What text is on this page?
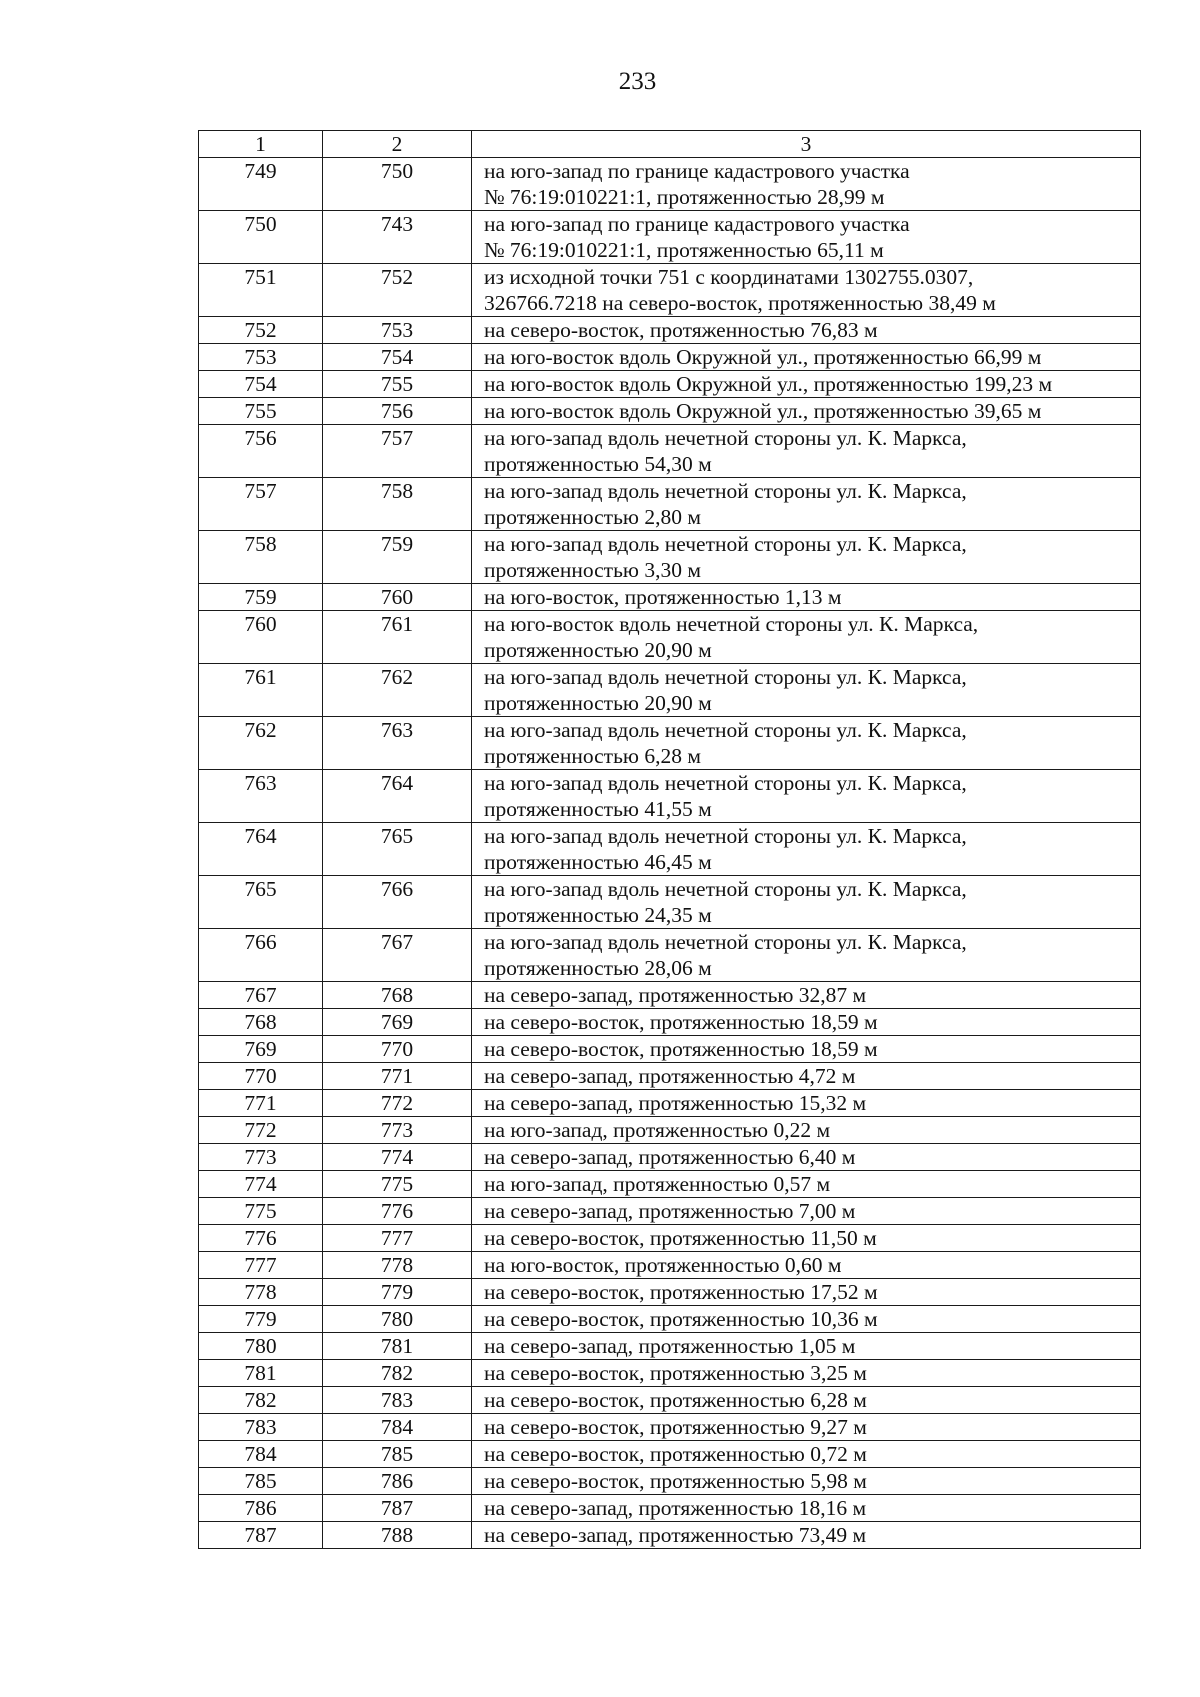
233
1	2	3
749	750	на юго-запад по границе кадастрового участка
№ 76:19:010221:1, протяженностью 28,99 м

750	743	на юго-запад по границе кадастрового участка
№ 76:19:010221:1, протяженностью 65,11 м

751	752	из исходной точки 751 с координатами 1302755.0307,
326766.7218 на северо-восток, протяженностью 38,49 м

752	753	на северо-восток, протяженностью 76,83 м

753	754	на юго-восток вдоль Окружной ул., протяженностью 66,99 м

754	755	на юго-восток вдоль Окружной ул., протяженностью 199,23 м

755	756	на юго-восток вдоль Окружной ул., протяженностью 39,65 м

756	757	на юго-запад вдоль нечетной стороны ул. К. Маркса,
протяженностью 54,30 м

757	758	на юго-запад вдоль нечетной стороны ул. К. Маркса,
протяженностью 2,80 м

758	759	на юго-запад вдоль нечетной стороны ул. К. Маркса,
протяженностью 3,30 м

759	760	на юго-восток, протяженностью 1,13 м

760	761	на юго-восток вдоль нечетной стороны ул. К. Маркса,
протяженностью 20,90 м

761	762	на юго-запад вдоль нечетной стороны ул. К. Маркса,
протяженностью 20,90 м

762	763	на юго-запад вдоль нечетной стороны ул. К. Маркса,
протяженностью 6,28 м

763	764	на юго-запад вдоль нечетной стороны ул. К. Маркса,
протяженностью 41,55 м

764	765	на юго-запад вдоль нечетной стороны ул. К. Маркса,
протяженностью 46,45 м

765	766	на юго-запад вдоль нечетной стороны ул. К. Маркса,
протяженностью 24,35 м

766	767	на юго-запад вдоль нечетной стороны ул. К. Маркса,
протяженностью 28,06 м

767	768	на северо-запад, протяженностью 32,87 м

768	769	на северо-восток, протяженностью 18,59 м

769	770	на северо-восток, протяженностью 18,59 м

770	771	на северо-запад, протяженностью 4,72 м

771	772	на северо-запад, протяженностью 15,32 м

772	773	на юго-запад, протяженностью 0,22 м

773	774	на северо-запад, протяженностью 6,40 м

774	775	на юго-запад, протяженностью 0,57 м

775	776	на северо-запад, протяженностью 7,00 м

776	777	на северо-восток, протяженностью 11,50 м

777	778	на юго-восток, протяженностью 0,60 м

778	779	на северо-восток, протяженностью 17,52 м

779	780	на северо-восток, протяженностью 10,36 м

780	781	на северо-запад, протяженностью 1,05 м

781	782	на северо-восток, протяженностью 3,25 м

782	783	на северо-восток, протяженностью 6,28 м

783	784	на северо-восток, протяженностью 9,27 м

784	785	на северо-восток, протяженностью 0,72 м

785	786	на северо-восток, протяженностью 5,98 м

786	787	на северо-запад, протяженностью 18,16 м

787	788	на северо-запад, протяженностью 73,49 м
